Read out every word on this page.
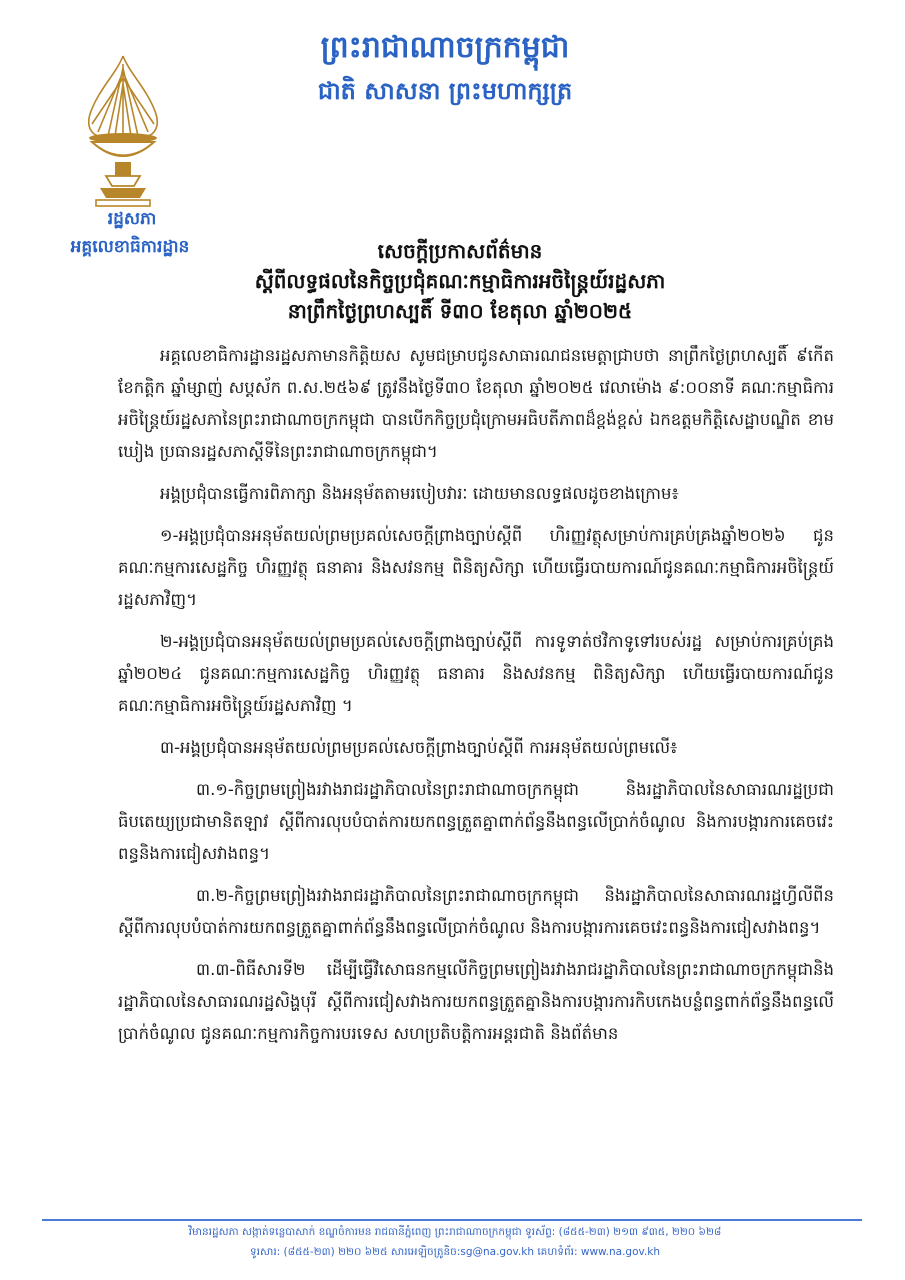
ព្រះរាជាណាចក្រកម្ពុជា
ជាតិ សាសនា ព្រះមហាក្សត្រ
រដ្ឋសភា
អគ្គលេខាធិការដ្ឋាន	សេចក្តីប្រកាសព័ត៌មាន
ស្តីពីលទ្ធផលនៃកិច្ចប្រជុំគណៈកម្មាធិការអចិន្ត្រៃយ៍រដ្ឋសភា
នាព្រឹកថ្ងៃព្រហស្បតិ៍ ទី៣០ ខែតុលា ឆ្នាំ២០២៥

អគ្គលេខាធិការដ្ឋានរដ្ឋសភាមានកិត្តិយស សូមជម្រាបជូនសាធារណជនមេត្តាជ្រាបថា នាព្រឹកថ្ងៃព្រហស្បតិ៍ ៩កើត ខែកត្តិក ឆ្នាំម្សាញ់ សប្តស័ក ព.ស.២៥៦៩ ត្រូវនឹងថ្ងៃទី៣០ ខែតុលា ឆ្នាំ២០២៥ វេលាម៉ោង ៩:០០នាទី គណៈកម្មាធិការអចិន្ត្រៃយ៍រដ្ឋសភានៃព្រះរាជាណាចក្រកម្ពុជា បានបើកកិច្ចប្រជុំក្រោមអធិបតីភាពដ៏ខ្ពង់ខ្ពស់ ឯកឧត្តមកិត្តិសេដ្ឋាបណ្ឌិត ខាម ឃៀង ប្រធានរដ្ឋសភាស្តីទីនៃព្រះរាជាណាចក្រកម្ពុជា។

អង្គប្រជុំបានធ្វើការពិភាក្សា និងអនុម័តតាមរបៀបវារៈ ដោយមានលទ្ធផលដូចខាងក្រោម៖

១-អង្គប្រជុំបានអនុម័តយល់ព្រមប្រគល់សេចក្តីព្រាងច្បាប់ស្តីពី ហិរញ្ញវត្ថុសម្រាប់ការគ្រប់គ្រងឆ្នាំ២០២៦ ជូនគណៈកម្មការសេដ្ឋកិច្ច ហិរញ្ញវត្ថុ ធនាគារ និងសវនកម្ម ពិនិត្យសិក្សា ហើយធ្វើរបាយការណ៍ជូនគណៈកម្មាធិការអចិន្ត្រៃយ៍រដ្ឋសភាវិញ។

២-អង្គប្រជុំបានអនុម័តយល់ព្រមប្រគល់សេចក្តីព្រាងច្បាប់ស្តីពី ការទូទាត់ថវិកាទូទៅរបស់រដ្ឋ សម្រាប់ការគ្រប់គ្រងឆ្នាំ២០២៤ ជូនគណៈកម្មការសេដ្ឋកិច្ច ហិរញ្ញវត្ថុ ធនាគារ និងសវនកម្ម ពិនិត្យសិក្សា ហើយធ្វើរបាយការណ៍ជូនគណៈកម្មាធិការអចិន្ត្រៃយ៍រដ្ឋសភាវិញ ។

៣-អង្គប្រជុំបានអនុម័តយល់ព្រមប្រគល់សេចក្តីព្រាងច្បាប់ស្តីពី ការអនុម័តយល់ព្រមលើ៖

៣.១-កិច្ចព្រមព្រៀងរវាងរាជរដ្ឋាភិបាលនៃព្រះរាជាណាចក្រកម្ពុជា និងរដ្ឋាភិបាលនៃសាធារណរដ្ឋប្រជាធិបតេយ្យប្រជាមានិតឡាវ ស្តីពីការលុបបំបាត់ការយកពន្ធត្រួតគ្នាពាក់ព័ន្ធនឹងពន្ធលើប្រាក់ចំណូល និងការបង្ការការគេចវេះពន្ធនិងការជៀសវាងពន្ធ។

៣.២-កិច្ចព្រមព្រៀងរវាងរាជរដ្ឋាភិបាលនៃព្រះរាជាណាចក្រកម្ពុជា និងរដ្ឋាភិបាលនៃសាធារណរដ្ឋហ្វីលីពីនស្តីពីការលុបបំបាត់ការយកពន្ធត្រួតគ្នាពាក់ព័ន្ធនឹងពន្ធលើប្រាក់ចំណូល និងការបង្ការការគេចវេះពន្ធនិងការជៀសវាងពន្ធ។

៣.៣-ពិធីសារទី២ ដើម្បីធ្វើវិសោធនកម្មលើកិច្ចព្រមព្រៀងរវាងរាជរដ្ឋាភិបាលនៃព្រះរាជាណាចក្រកម្ពុជានិងរដ្ឋាភិបាលនៃសាធារណរដ្ឋសិង្ហបុរី ស្តីពីការជៀសវាងការយកពន្ធត្រួតគ្នានិងការបង្ការការកិបកេងបន្លំពន្ធពាក់ព័ន្ធនឹងពន្ធលើប្រាក់ចំណូល ជូនគណៈកម្មការកិច្ចការបរទេស សហប្រតិបត្តិការអន្តរជាតិ និងព័ត៌មាន

វិមានរដ្ឋសភា សង្កាត់ទន្លេបាសាក់ ខណ្ឌចំការមន រាជធានីភ្នំពេញ ព្រះរាជាណាចក្រកម្ពុជា ទូរស័ព្ទ: (៨៥៥-២៣) ២១៣ ៩៣៥, ២២០ ៦២៨
ទូរសារ: (៨៥៥-២៣) ២២០ ៦២៥ សារអេឡិចត្រូនិច:sg@na.gov.kh គេហទំព័រ: www.na.gov.kh
